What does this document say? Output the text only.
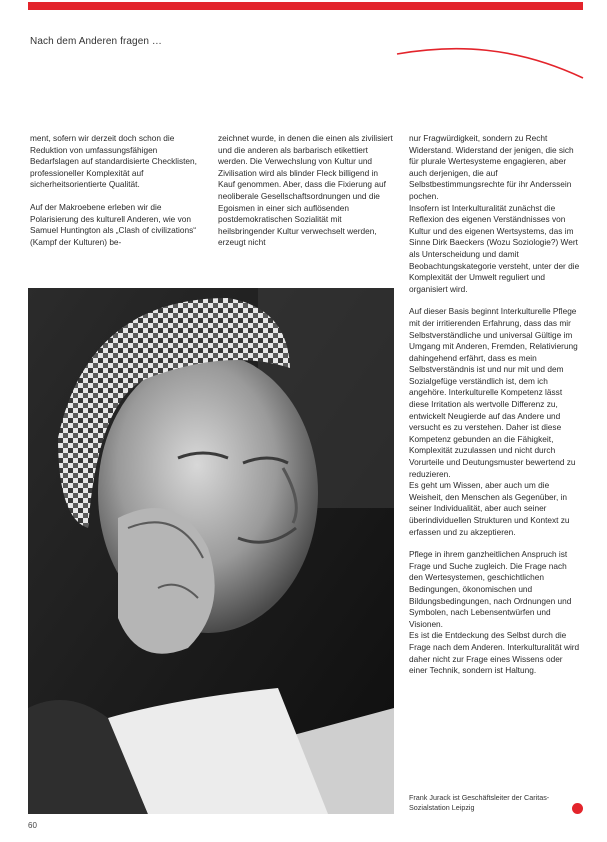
Nach dem Anderen fragen …

ment, sofern wir derzeit doch schon die Reduktion von umfassungsfähigen Bedarfslagen auf standardisierte Checklisten, professioneller Komplexität auf sicherheitsorientierte Qualität.

Auf der Makroebene erleben wir die Polarisierung des kulturell Anderen, wie von Samuel Huntington als „Clash of civilizations“ (Kampf der Kulturen) be-

zeichnet wurde, in denen die einen als zivilisiert und die anderen als barbarisch etikettiert werden. Die Verwechslung von Kultur und Zivilisation wird als blinder Fleck billigend in Kauf genommen. Aber, dass die Fixierung auf neoliberale Gesellschaftsordnungen und die Egoismen in einer sich auflösenden postdemokratischen Sozialität mit heilsbringender Kultur verwechselt werden, erzeugt nicht

nur Fragwürdigkeit, sondern zu Recht Widerstand. Widerstand der jenigen, die sich für plurale Wertesysteme engagieren, aber auch derjenigen, die auf Selbstbestimmungsrechte für ihr Anderssein pochen.
Insofern ist Interkulturalität zunächst die Reflexion des eigenen Verständnisses von Kultur und des eigenen Wertsystems, das im Sinne Dirk Baeckers (Wozu Soziologie?) Wert als Unterscheidung und damit Beobachtungskategorie versteht, unter der die Komplexität der Umwelt reguliert und organisiert wird.

Auf dieser Basis beginnt Interkulturelle Pflege mit der irritierenden Erfahrung, dass das mir Selbstverständliche und universal Gültige im Umgang mit Anderen, Fremden, Relativierung dahingehend erfährt, dass es mein Selbstverständnis ist und nur mit und dem Sozialgefüge verständlich ist, dem ich angehöre. Interkulturelle Kompetenz lässt diese Irritation als wertvolle Differenz zu, entwickelt Neugierde auf das Andere und versucht es zu verstehen. Daher ist diese Kompetenz gebunden an die Fähigkeit, Komplexität zuzulassen und nicht durch Vorurteile und Deutungsmuster bewertend zu reduzieren.
Es geht um Wissen, aber auch um die Weisheit, den Menschen als Gegenüber, in seiner Individualität, aber auch seiner überindividuellen Strukturen und Kontext zu erfassen und zu akzeptieren.

Pflege in ihrem ganzheitlichen Anspruch ist Frage und Suche zugleich. Die Frage nach den Wertesystemen, geschichtlichen Bedingungen, ökonomischen und Bildungsbedingungen, nach Ordnungen und Symbolen, nach Lebensentwürfen und Visionen.
Es ist die Entdeckung des Selbst durch die Frage nach dem Anderen. Interkulturalität wird daher nicht zur Frage eines Wissens oder einer Technik, sondern ist Haltung.

Frank Jurack ist Geschäftsleiter der Caritas-Sozialstation Leipzig
60
